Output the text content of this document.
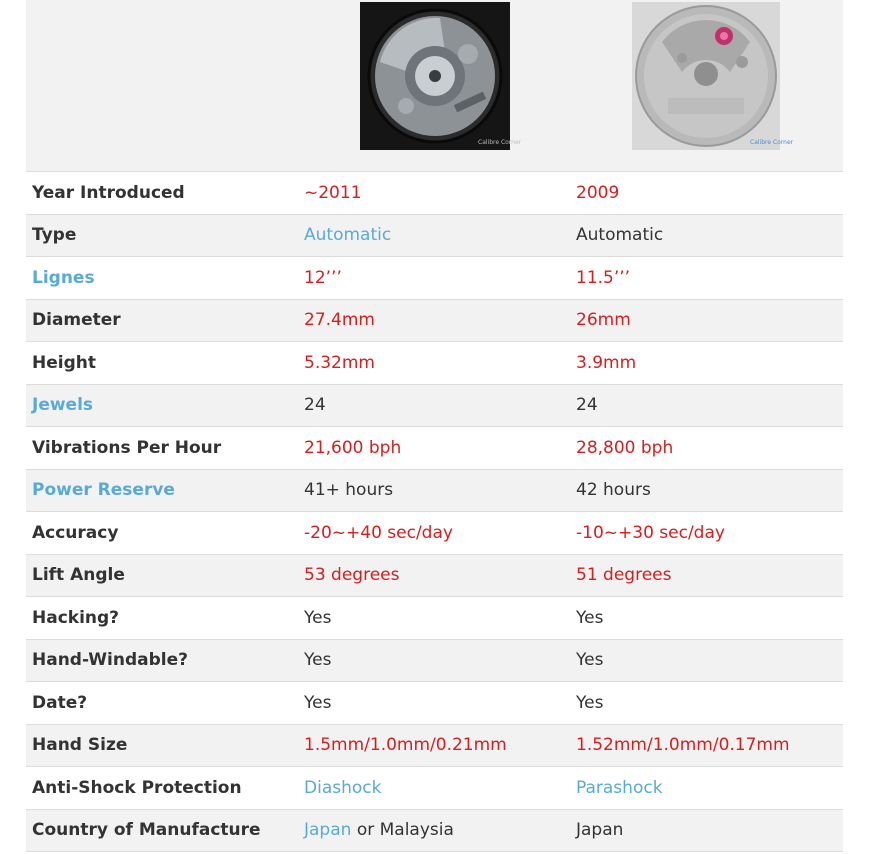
Calibre Corner	Calibre Corner
Year Introduced	~2011	2009
Type	Automatic	Automatic
Lignes	12’’’	11.5’’’
Diameter	27.4mm	26mm
Height	5.32mm	3.9mm
Jewels	24	24
Vibrations Per Hour	21,600 bph	28,800 bph
Power Reserve	41+ hours	42 hours
Accuracy	-20~+40 sec/day	-10~+30 sec/day
Lift Angle	53 degrees	51 degrees
Hacking?	Yes	Yes
Hand-Windable?	Yes	Yes
Date?	Yes	Yes
Hand Size	1.5mm/1.0mm/0.21mm	1.52mm/1.0mm/0.17mm
Anti-Shock Protection	Diashock	Parashock
Country of Manufacture	Japan or Malaysia	Japan
